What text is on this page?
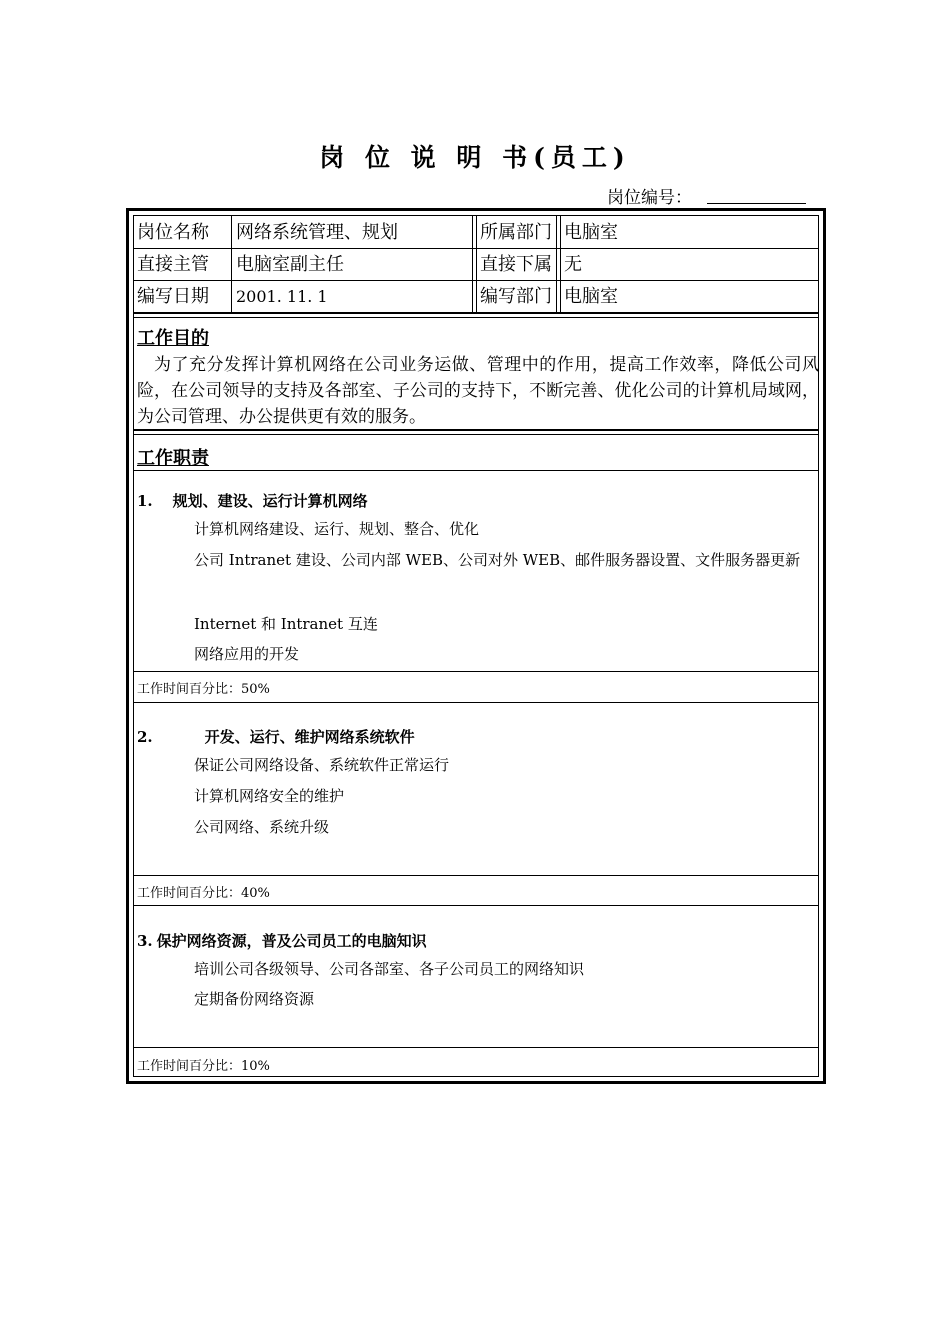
岗 位 说 明 书(员工)
岗位编号：
岗位名称 网络系统管理、规划	所属部门 电脑室
直接主管 电脑室副主任	直接下属 无
编写日期 2001. 11. 1	编写部门 电脑室
工作目的
为了充分发挥计算机网络在公司业务运做、管理中的作用，提高工作效率，降低公司风险，在公司领导的支持及各部室、子公司的支持下，不断完善、优化公司的计算机局域网，为公司管理、办公提供更有效的服务。
工作职责
1. 规划、建设、运行计算机网络
计算机网络建设、运行、规划、整合、优化
公司 Intranet 建设、公司内部 WEB、公司对外 WEB、邮件服务器设置、文件服务器更新
Internet 和 Intranet 互连
网络应用的开发
工作时间百分比：50%
2.	开发、运行、维护网络系统软件
保证公司网络设备、系统软件正常运行
计算机网络安全的维护
公司网络、系统升级
工作时间百分比：40%
3. 保护网络资源，普及公司员工的电脑知识
培训公司各级领导、公司各部室、各子公司员工的网络知识
定期备份网络资源
工作时间百分比：10%
